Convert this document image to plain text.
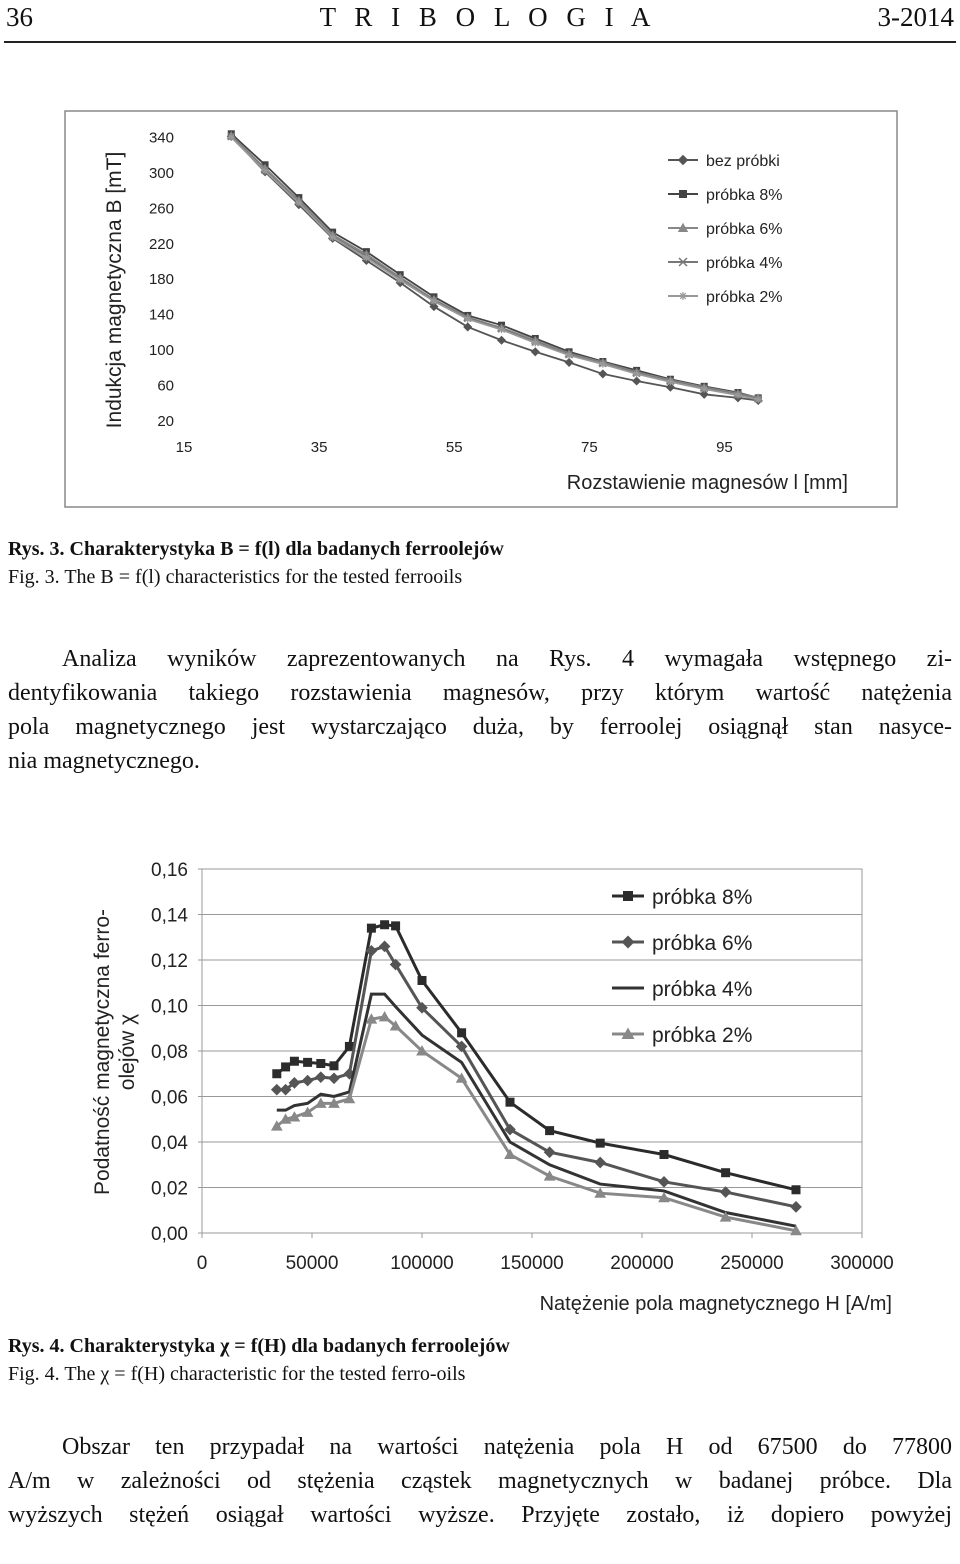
36	T R I B O L O G I A	3-2014
340
300
260
220
180
140
100
60
20
15	35	55	75	95
Rozstawienie magnesów l [mm]
Indukcja magnetyczna B [mT]	bez próbki
próbka 8%
próbka 6%
próbka 4%
próbka 2%
Rys. 3. Charakterystyka B = f(l) dla badanych ferroolejów
Fig. 3. The B = f(l) characteristics for the tested ferrooils
Analiza wyników zaprezentowanych na Rys. 4 wymagała wstępnego zi-
dentyfikowania takiego rozstawienia magnesów, przy którym wartość natężenia
pola magnetycznego jest wystarczająco duża, by ferroolej osiągnął stan nasyce-
nia magnetycznego.
0,16
0,14
0,12
0,10
0,08
0,06
0,04
0,02
0,00
0	50000	100000 150000 200000 250000 300000
Natężenie pola magnetycznego H [A/m]
Podatność magnetyczna ferro- olejów χ
próbka 8%
próbka 6%
próbka 4%
próbka 2%
Rys. 4. Charakterystyka χ = f(H) dla badanych ferroolejów
Fig. 4. The χ = f(H) characteristic for the tested ferro-oils
Obszar ten przypadał na wartości natężenia pola H od 67500 do 77800
A/m w zależności od stężenia cząstek magnetycznych w badanej próbce. Dla
wyższych stężeń osiągał wartości wyższe. Przyjęte zostało, iż dopiero powyżej
